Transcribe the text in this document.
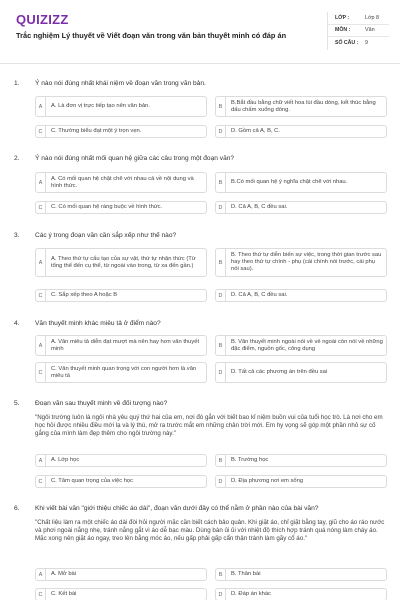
QUIZIZZ
Trắc nghiệm Lý thuyết về Viết đoạn văn trong văn bản thuyết minh có đáp án
LỚP :	Lớp 8
MÔN :	Văn
SỐ CÂU :	9
1. Ý nào nói đúng nhất khái niệm về đoạn văn trong văn bản.
A	A. Là đơn vị trực tiếp tạo nên văn bản.	B
B.Bắt đầu bằng chữ viết hoa lùi đầu dòng, kết thúc bằng dấu chấm xuống dòng.
C	C. Thường biểu đạt một ý trọn vẹn.	D	D. Gồm cả A, B, C.
2. Ý nào nói đúng nhất mối quan hệ giữa các câu trong một đoạn văn?
A
A. Có mối quan hệ chặt chẽ với nhau cả về nội dung và hình thức.	B	B.Có mối quan hệ ý nghĩa chặt chẽ với nhau.
C	C. Có mối quan hệ ràng buộc về hình thức.	D	D. Cả A, B, C đều sai.
3. Các ý trong đoạn văn cần sắp xếp như thế nào?
A
A. Theo thứ tự cấu tạo của sự vật, thứ tự nhận thức (Từ tổng thể đến cụ thể, từ ngoài vào trong, từ xa đến gần.)	B
B. Theo thứ tự diễn biến sự việc, trong thời gian trước sau hay theo thứ tự chính - phụ (cái chính nói trước, cái phụ nói sau).
C	C. Sắp xếp theo A hoặc B	D	D. Cả A, B, C đều sai.
4. Văn thuyết minh khác miêu tả ở điểm nào?
A
A. Văn miêu tả diễn đạt mượt mà nên hay hơn văn thuyết minh	B
B. Văn thuyết minh ngoài nói về vẻ ngoài còn nói về những đặc điểm, nguồn gốc, công dụng
C
C. Văn thuyết minh quan trọng với con người hơn là văn miêu tả	D	D. Tất cả các phương án trên đều sai
5. Đoạn văn sau thuyết minh về đối tượng nào?
"Ngôi trường luôn là ngôi nhà yêu quý thứ hai của em, nơi đó gắn với biết bao kỉ niệm buồn vui của tuổi học trò. Là nơi cho em học hỏi được nhiều điều mới lạ và lý thú, mở ra trước mắt em những chân trời mới. Em hy vọng sẽ góp một phần nhỏ sự cố gắng của mình làm đẹp thêm cho ngôi trường này."
A	A. Lớp học	B	B. Trường học
C	C. Tâm quan trọng của việc học	D	D. Địa phương nơi em sống
6. Khi viết bài văn "giới thiệu chiếc áo dài", đoạn văn dưới đây có thể nằm ở phần nào của bài văn?
"Chất liệu làm ra một chiếc áo dài đòi hỏi người mặc cần biết cách bảo quản. Khi giặt áo, chỉ giặt bằng tay, giũ cho áo ráo nước và phơi ngoài nắng nhẹ, tránh nắng gắt vì áo dễ bạc màu. Dùng bàn ủi ủi với nhiệt độ thích hợp tránh quá nóng làm cháy áo. Mặc xong nên giặt áo ngay, treo lên bằng móc áo, nếu gấp phải gấp cẩn thận tránh làm gãy cổ áo."
A	A. Mở bài	B	B. Thân bài
C	C. Kết bài	D	D. Đáp án khác
